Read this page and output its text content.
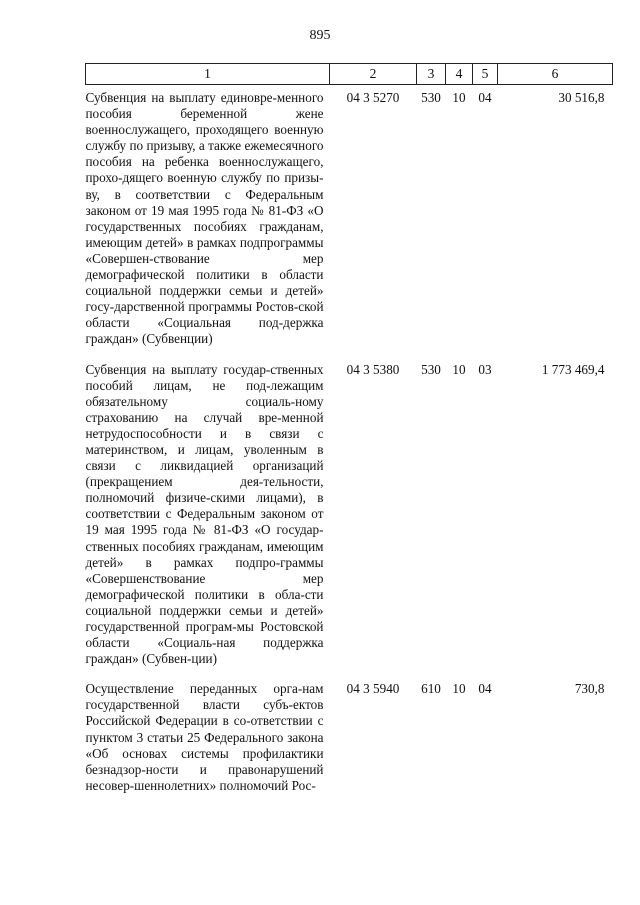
895
1	2	3	4	5	6
Субвенция на выплату единовре-менного пособия беременной жене военнослужащего, проходящего военную службу по призыву, а также ежемесячного пособия на ребенка военнослужащего, прохо-дящего военную службу по призы-ву, в соответствии с Федеральным законом от 19 мая 1995 года № 81-ФЗ «О государственных пособиях гражданам, имеющим детей» в рамках подпрограммы «Совершен-ствование мер демографической политики в области социальной поддержки семьи и детей» госу-дарственной программы Ростов-ской области «Социальная под-держка граждан» (Субвенции)	04 3 5270	530	10	04	30 516,8
Субвенция на выплату государ-ственных пособий лицам, не под-лежащим обязательному социаль-ному страхованию на случай вре-менной нетрудоспособности и в связи с материнством, и лицам, уволенным в связи с ликвидацией организаций (прекращением дея-тельности, полномочий физиче-скими лицами), в соответствии с Федеральным законом от 19 мая 1995 года № 81-ФЗ «О государ-ственных пособиях гражданам, имеющим детей» в рамках подпро-граммы «Совершенствование мер демографической политики в обла-сти социальной поддержки семьи и детей» государственной програм-мы Ростовской области «Социаль-ная поддержка граждан» (Субвен-ции)	04 3 5380	530	10	03	1 773 469,4
Осуществление переданных орга-нам государственной власти субъ-ектов Российской Федерации в со-ответствии с пунктом 3 статьи 25 Федерального закона «Об основах системы профилактики безнадзор-ности и правонарушений несовер-шеннолетних» полномочий Рос-	04 3 5940	610	10	04	730,8
